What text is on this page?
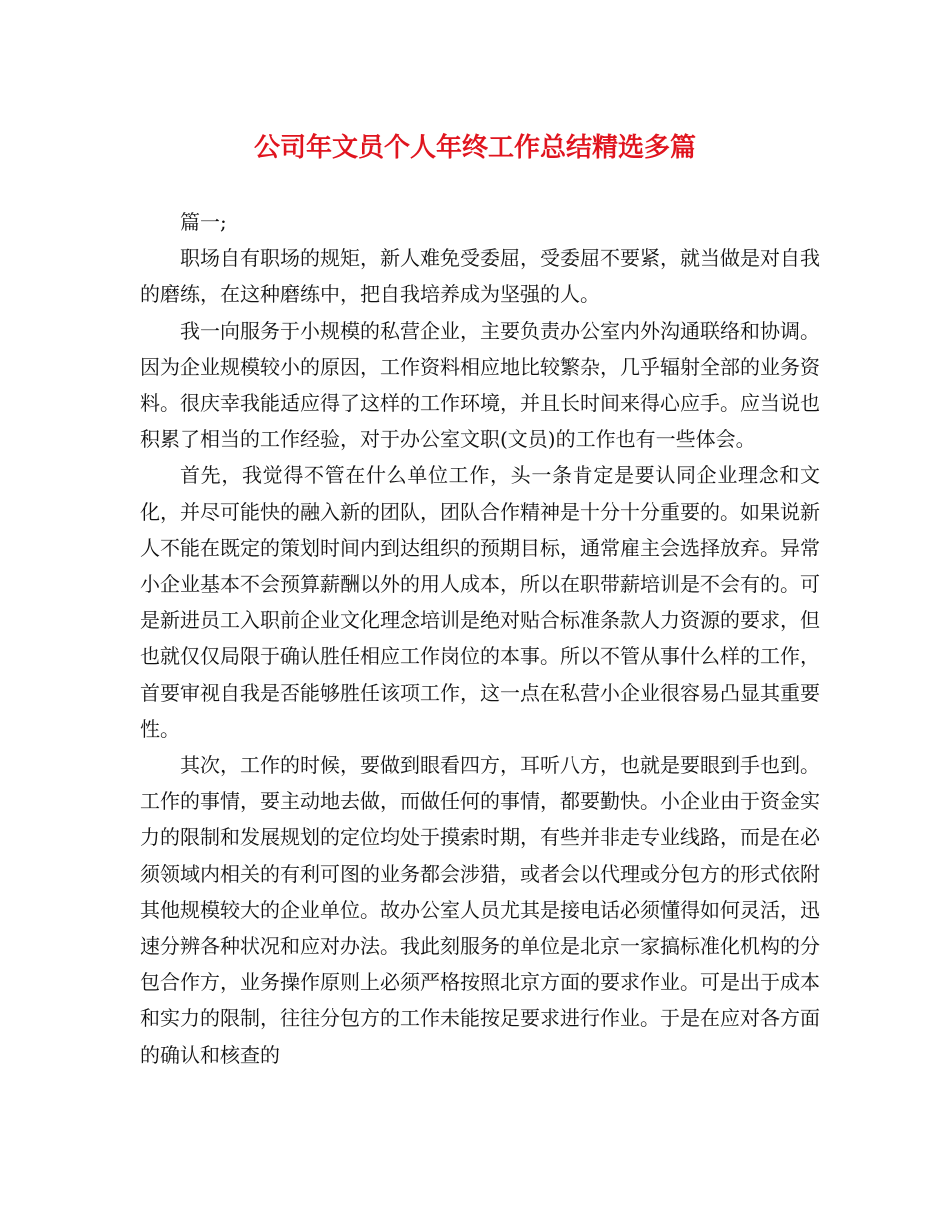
公司年文员个人年终工作总结精选多篇

篇一;

职场自有职场的规矩，新人难免受委屈，受委屈不要紧，就当做是对自我的磨练，在这种磨练中，把自我培养成为坚强的人。

我一向服务于小规模的私营企业，主要负责办公室内外沟通联络和协调。因为企业规模较小的原因，工作资料相应地比较繁杂，几乎辐射全部的业务资料。很庆幸我能适应得了这样的工作环境，并且长时间来得心应手。应当说也积累了相当的工作经验，对于办公室文职(文员)的工作也有一些体会。

首先，我觉得不管在什么单位工作，头一条肯定是要认同企业理念和文化，并尽可能快的融入新的团队，团队合作精神是十分十分重要的。如果说新人不能在既定的策划时间内到达组织的预期目标，通常雇主会选择放弃。异常小企业基本不会预算薪酬以外的用人成本，所以在职带薪培训是不会有的。可是新进员工入职前企业文化理念培训是绝对贴合标准条款人力资源的要求，但也就仅仅局限于确认胜任相应工作岗位的本事。所以不管从事什么样的工作，首要审视自我是否能够胜任该项工作，这一点在私营小企业很容易凸显其重要性。

其次，工作的时候，要做到眼看四方，耳听八方，也就是要眼到手也到。工作的事情，要主动地去做，而做任何的事情，都要勤快。小企业由于资金实力的限制和发展规划的定位均处于摸索时期，有些并非走专业线路，而是在必须领域内相关的有利可图的业务都会涉猎，或者会以代理或分包方的形式依附其他规模较大的企业单位。故办公室人员尤其是接电话必须懂得如何灵活，迅速分辨各种状况和应对办法。我此刻服务的单位是北京一家搞标准化机构的分包合作方，业务操作原则上必须严格按照北京方面的要求作业。可是出于成本和实力的限制，往往分包方的工作未能按足要求进行作业。于是在应对各方面的确认和核查的
